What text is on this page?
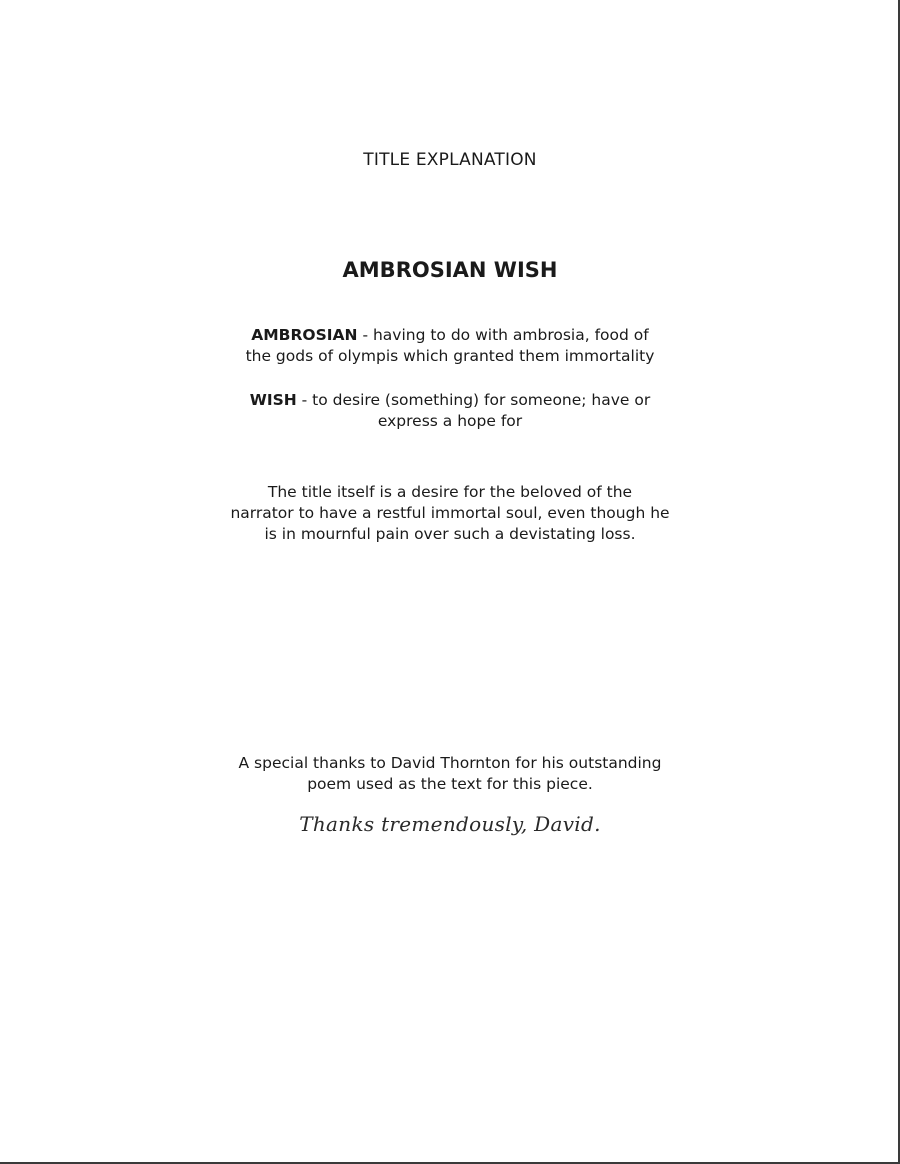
TITLE EXPLANATION
AMBROSIAN WISH
AMBROSIAN - having to do with ambrosia, food of
the gods of olympis which granted them immortality
WISH - to desire (something) for someone; have or
express a hope for
The title itself is a desire for the beloved of the
narrator to have a restful immortal soul, even though he
is in mournful pain over such a devistating loss.
A special thanks to David Thornton for his outstanding
poem used as the text for this piece.
Thanks tremendously, David.
